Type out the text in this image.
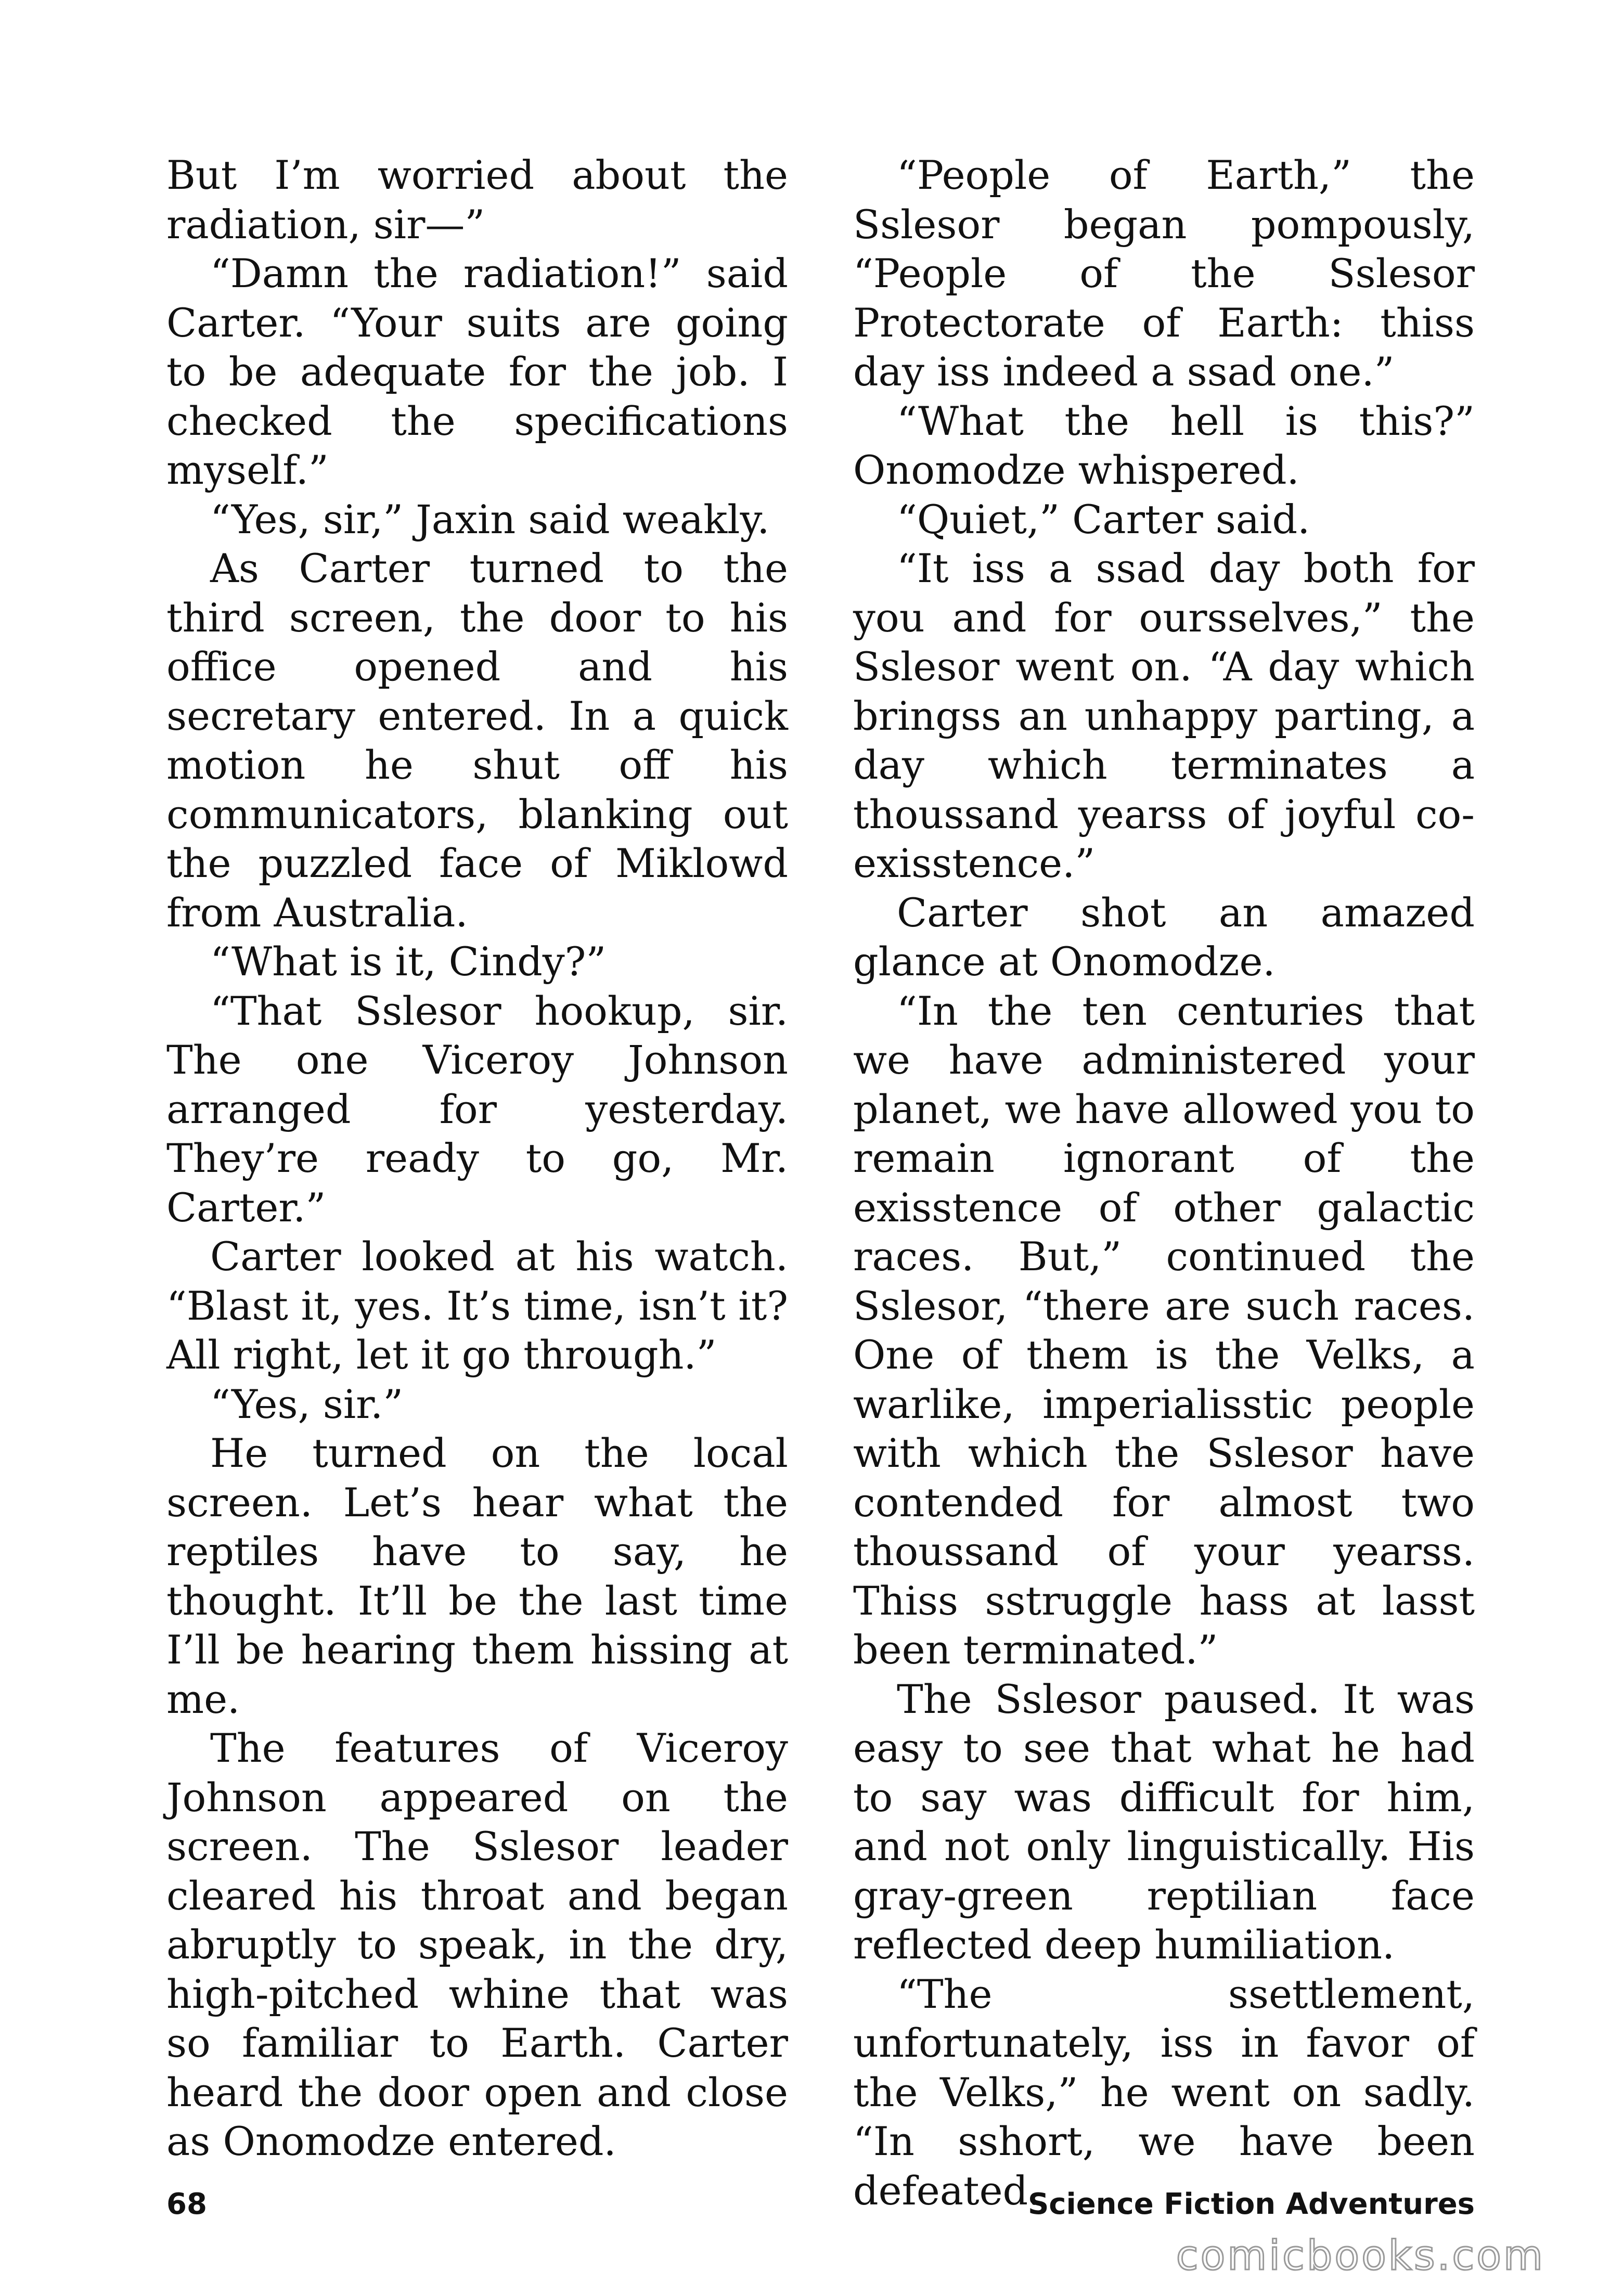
But I’m worried about the radiation, sir—”

“Damn the radiation!” said Carter. “Your suits are going to be adequate for the job. I checked the specifications myself.”

“Yes, sir,” Jaxin said weakly.

As Carter turned to the third screen, the door to his office opened and his secretary entered. In a quick motion he shut off his communicators, blanking out the puzzled face of Miklowd from Australia.

“What is it, Cindy?”

“That Sslesor hookup, sir. The one Viceroy Johnson arranged for yesterday. They’re ready to go, Mr. Carter.”

Carter looked at his watch. “Blast it, yes. It’s time, isn’t it? All right, let it go through.”

“Yes, sir.”

He turned on the local screen. Let’s hear what the reptiles have to say, he thought. It’ll be the last time I’ll be hearing them hissing at me.

The features of Viceroy Johnson appeared on the screen. The Sslesor leader cleared his throat and began abruptly to speak, in the dry, high-pitched whine that was so familiar to Earth. Carter heard the door open and close as Onomodze entered.

“People of Earth,” the Sslesor began pompously, “People of the Sslesor Protectorate of Earth: thiss day iss indeed a ssad one.”

“What the hell is this?” Onomodze whispered.

“Quiet,” Carter said.

“It iss a ssad day both for you and for oursselves,” the Sslesor went on. “A day which bringss an unhappy parting, a day which terminates a thoussand yearss of joyful co-exisstence.”

Carter shot an amazed glance at Onomodze.

“In the ten centuries that we have administered your planet, we have allowed you to remain ignorant of the exisstence of other galactic races. But,” continued the Sslesor, “there are such races. One of them is the Velks, a warlike, imperialisstic people with which the Sslesor have contended for almost two thoussand of your yearss. Thiss sstruggle hass at lasst been terminated.”

The Sslesor paused. It was easy to see that what he had to say was difficult for him, and not only linguistically. His gray-green reptilian face reflected deep humiliation.

“The ssettlement, unfortunately, iss in favor of the Velks,” he went on sadly. “In sshort, we have been defeated.

68	Science Fiction Adventures
comicbooks.com
